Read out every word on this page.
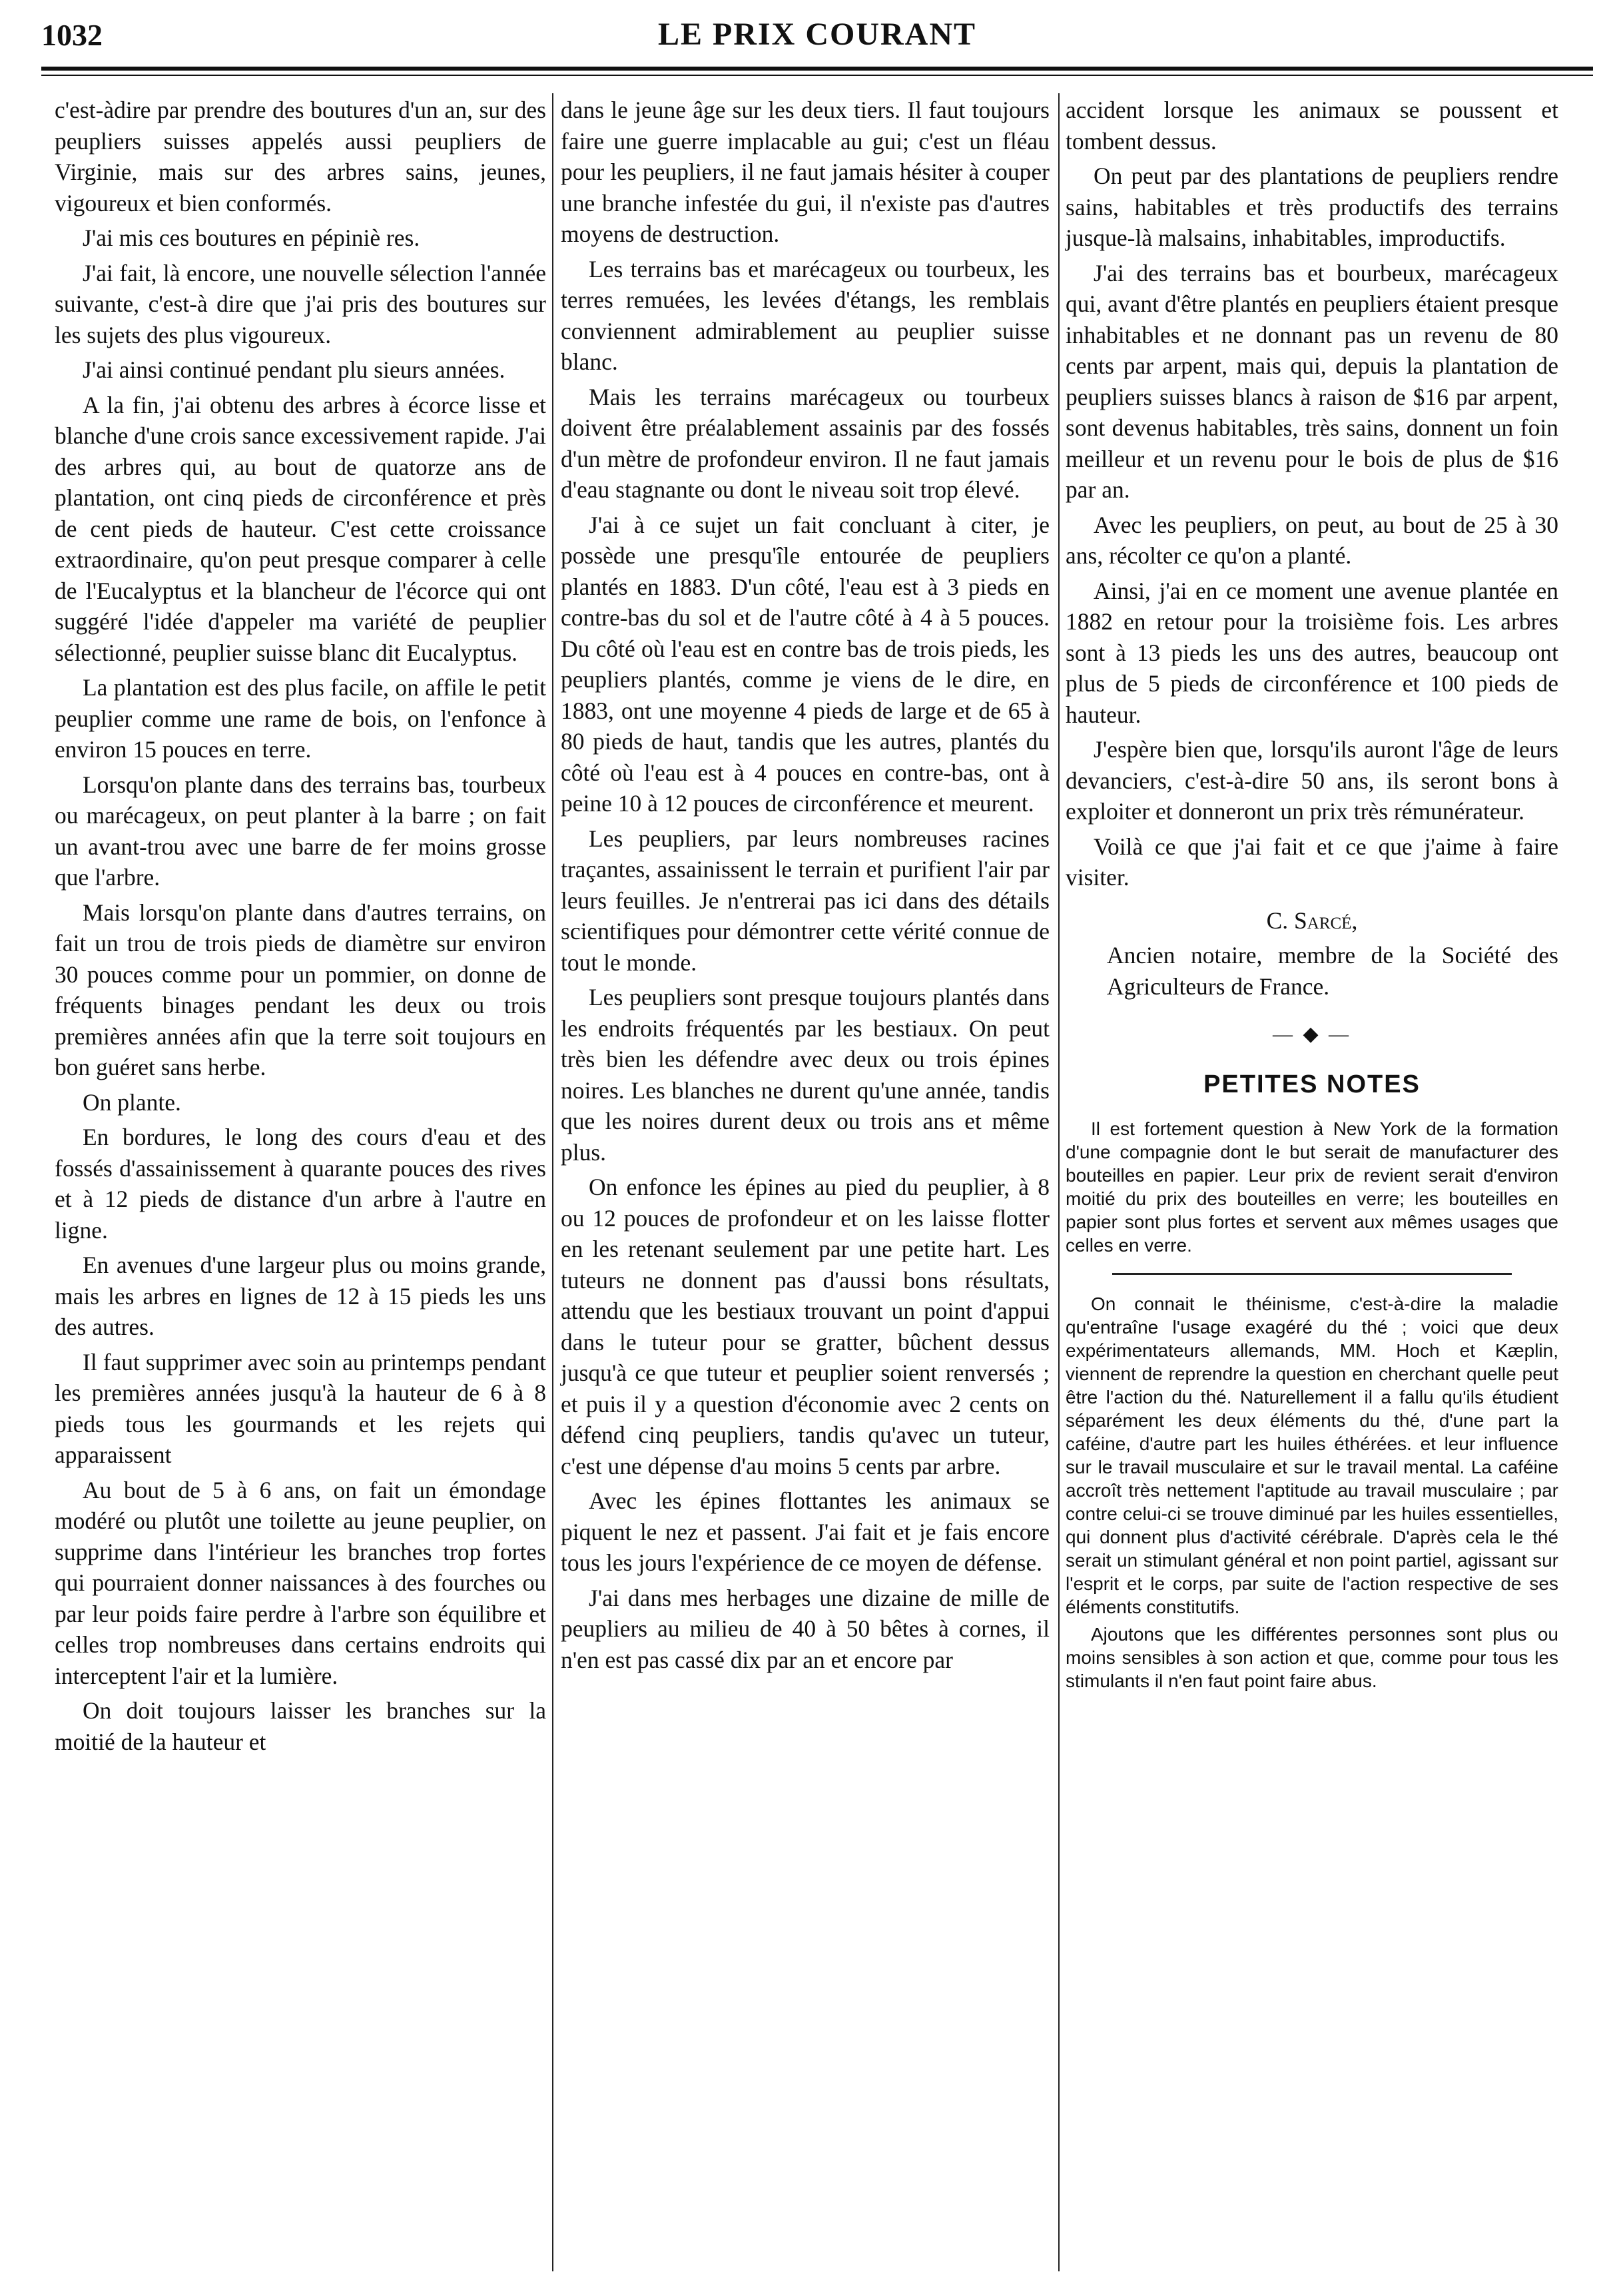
1032	LE PRIX COURANT

c'est-àdire par prendre des boutures d'un an, sur des peupliers suisses appelés aussi peupliers de Virginie, mais sur des arbres sains, jeunes, vigoureux et bien conformés.

J'ai mis ces boutures en pépiniè res.

J'ai fait, là encore, une nouvelle sélection l'année suivante, c'est-à dire que j'ai pris des boutures sur les sujets des plus vigoureux.

J'ai ainsi continué pendant plu sieurs années.

A la fin, j'ai obtenu des arbres à écorce lisse et blanche d'une crois sance excessivement rapide. J'ai des arbres qui, au bout de quatorze ans de plantation, ont cinq pieds de circonférence et près de cent pieds de hauteur. C'est cette croissance extraordinaire, qu'on peut presque comparer à celle de l'Eucalyptus et la blancheur de l'écorce qui ont suggéré l'idée d'appeler ma variété de peuplier sélectionné, peuplier suisse blanc dit Eucalyptus.

La plantation est des plus facile, on affile le petit peuplier comme une rame de bois, on l'enfonce à environ 15 pouces en terre.

Lorsqu'on plante dans des terrains bas, tourbeux ou marécageux, on peut planter à la barre ; on fait un avant-trou avec une barre de fer moins grosse que l'arbre.

Mais lorsqu'on plante dans d'autres terrains, on fait un trou de trois pieds de diamètre sur environ 30 pouces comme pour un pommier, on donne de fréquents binages pendant les deux ou trois premières années afin que la terre soit toujours en bon guéret sans herbe.

On plante.

En bordures, le long des cours d'eau et des fossés d'assainissement à quarante pouces des rives et à 12 pieds de distance d'un arbre à l'autre en ligne.

En avenues d'une largeur plus ou moins grande, mais les arbres en lignes de 12 à 15 pieds les uns des autres.

Il faut supprimer avec soin au printemps pendant les premières années jusqu'à la hauteur de 6 à 8 pieds tous les gourmands et les rejets qui apparaissent

Au bout de 5 à 6 ans, on fait un émondage modéré ou plutôt une toilette au jeune peuplier, on supprime dans l'intérieur les branches trop fortes qui pourraient donner naissances à des fourches ou par leur poids faire perdre à l'arbre son équilibre et celles trop nombreuses dans certains endroits qui interceptent l'air et la lumière.

On doit toujours laisser les branches sur la moitié de la hauteur et

dans le jeune âge sur les deux tiers. Il faut toujours faire une guerre implacable au gui; c'est un fléau pour les peupliers, il ne faut jamais hésiter à couper une branche infestée du gui, il n'existe pas d'autres moyens de destruction.

Les terrains bas et marécageux ou tourbeux, les terres remuées, les levées d'étangs, les remblais conviennent admirablement au peuplier suisse blanc.

Mais les terrains marécageux ou tourbeux doivent être préalablement assainis par des fossés d'un mètre de profondeur environ. Il ne faut jamais d'eau stagnante ou dont le niveau soit trop élevé.

J'ai à ce sujet un fait concluant à citer, je possède une presqu'île entourée de peupliers plantés en 1883. D'un côté, l'eau est à 3 pieds en contre-bas du sol et de l'autre côté à 4 à 5 pouces. Du côté où l'eau est en contre bas de trois pieds, les peupliers plantés, comme je viens de le dire, en 1883, ont une moyenne 4 pieds de large et de 65 à 80 pieds de haut, tandis que les autres, plantés du côté où l'eau est à 4 pouces en contre-bas, ont à peine 10 à 12 pouces de circonférence et meurent.

Les peupliers, par leurs nombreuses racines traçantes, assainissent le terrain et purifient l'air par leurs feuilles. Je n'entrerai pas ici dans des détails scientifiques pour démontrer cette vérité connue de tout le monde.

Les peupliers sont presque toujours plantés dans les endroits fréquentés par les bestiaux. On peut très bien les défendre avec deux ou trois épines noires. Les blanches ne durent qu'une année, tandis que les noires durent deux ou trois ans et même plus.

On enfonce les épines au pied du peuplier, à 8 ou 12 pouces de profondeur et on les laisse flotter en les retenant seulement par une petite hart. Les tuteurs ne donnent pas d'aussi bons résultats, attendu que les bestiaux trouvant un point d'appui dans le tuteur pour se gratter, bûchent dessus jusqu'à ce que tuteur et peuplier soient renversés ; et puis il y a question d'économie avec 2 cents on défend cinq peupliers, tandis qu'avec un tuteur, c'est une dépense d'au moins 5 cents par arbre.

Avec les épines flottantes les animaux se piquent le nez et passent. J'ai fait et je fais encore tous les jours l'expérience de ce moyen de défense.

J'ai dans mes herbages une dizaine de mille de peupliers au milieu de 40 à 50 bêtes à cornes, il n'en est pas cassé dix par an et encore par

accident lorsque les animaux se poussent et tombent dessus.

On peut par des plantations de peupliers rendre sains, habitables et très productifs des terrains jusque-là malsains, inhabitables, improductifs.

J'ai des terrains bas et bourbeux, marécageux qui, avant d'être plantés en peupliers étaient presque inhabitables et ne donnant pas un revenu de 80 cents par arpent, mais qui, depuis la plantation de peupliers suisses blancs à raison de $16 par arpent, sont devenus habitables, très sains, donnent un foin meilleur et un revenu pour le bois de plus de $16 par an.

Avec les peupliers, on peut, au bout de 25 à 30 ans, récolter ce qu'on a planté.

Ainsi, j'ai en ce moment une avenue plantée en 1882 en retour pour la troisième fois. Les arbres sont à 13 pieds les uns des autres, beaucoup ont plus de 5 pieds de circonférence et 100 pieds de hauteur.

J'espère bien que, lorsqu'ils auront l'âge de leurs devanciers, c'est-à-dire 50 ans, ils seront bons à exploiter et donneront un prix très rémunérateur.

Voilà ce que j'ai fait et ce que j'aime à faire visiter.

C. Sarcé,

Ancien notaire, membre de la Société des Agriculteurs de France.

— ◆ —
PETITES NOTES

Il est fortement question à New York de la formation d'une compagnie dont le but serait de manufacturer des bouteilles en papier. Leur prix de revient serait d'environ moitié du prix des bouteilles en verre; les bouteilles en papier sont plus fortes et servent aux mêmes usages que celles en verre.

On connait le théinisme, c'est-à-dire la maladie qu'entraîne l'usage exagéré du thé ; voici que deux expérimentateurs allemands, MM. Hoch et Kæplin, viennent de reprendre la question en cherchant quelle peut être l'action du thé. Naturellement il a fallu qu'ils étudient séparément les deux éléments du thé, d'une part la caféine, d'autre part les huiles éthérées. et leur influence sur le travail musculaire et sur le travail mental. La caféine accroît très nettement l'aptitude au travail musculaire ; par contre celui-ci se trouve diminué par les huiles essentielles, qui donnent plus d'activité cérébrale. D'après cela le thé serait un stimulant général et non point partiel, agissant sur l'esprit et le corps, par suite de l'action respective de ses éléments constitutifs.

Ajoutons que les différentes personnes sont plus ou moins sensibles à son action et que, comme pour tous les stimulants il n'en faut point faire abus.
